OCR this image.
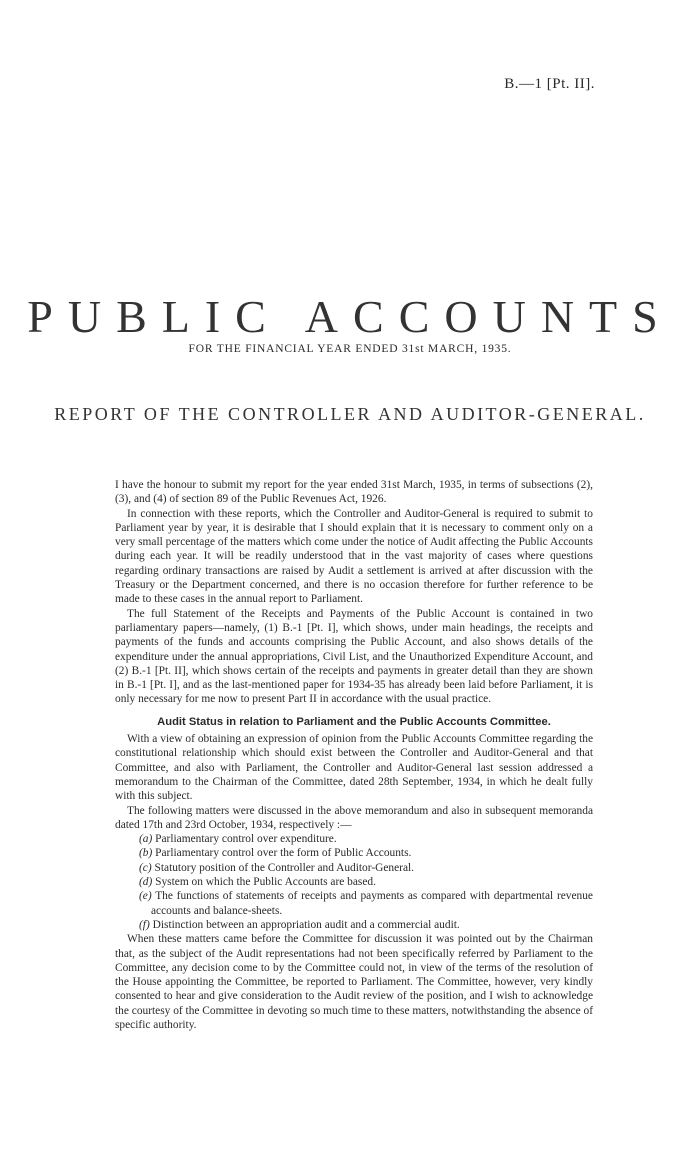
B.—1 [Pt. II].
PUBLIC ACCOUNTS
FOR THE FINANCIAL YEAR ENDED 31st MARCH, 1935.
REPORT OF THE CONTROLLER AND AUDITOR-GENERAL.

I have the honour to submit my report for the year ended 31st March, 1935, in terms of subsections (2), (3), and (4) of section 89 of the Public Revenues Act, 1926.

In connection with these reports, which the Controller and Auditor-General is required to submit to Parliament year by year, it is desirable that I should explain that it is necessary to comment only on a very small percentage of the matters which come under the notice of Audit affecting the Public Accounts during each year. It will be readily understood that in the vast majority of cases where questions regarding ordinary transactions are raised by Audit a settlement is arrived at after discussion with the Treasury or the Department concerned, and there is no occasion therefore for further reference to be made to these cases in the annual report to Parliament.

The full Statement of the Receipts and Payments of the Public Account is contained in two parliamentary papers—namely, (1) B.-1 [Pt. I], which shows, under main headings, the receipts and payments of the funds and accounts comprising the Public Account, and also shows details of the expenditure under the annual appropriations, Civil List, and the Unauthorized Expenditure Account, and (2) B.-1 [Pt. II], which shows certain of the receipts and payments in greater detail than they are shown in B.-1 [Pt. I], and as the last-mentioned paper for 1934-35 has already been laid before Parliament, it is only necessary for me now to present Part II in accordance with the usual practice.

Audit Status in relation to Parliament and the Public Accounts Committee.

With a view of obtaining an expression of opinion from the Public Accounts Committee regarding the constitutional relationship which should exist between the Controller and Auditor-General and that Committee, and also with Parliament, the Controller and Auditor-General last session addressed a memorandum to the Chairman of the Committee, dated 28th September, 1934, in which he dealt fully with this subject.

The following matters were discussed in the above memorandum and also in subsequent memoranda dated 17th and 23rd October, 1934, respectively :—

(a) Parliamentary control over expenditure.
(b) Parliamentary control over the form of Public Accounts.
(c) Statutory position of the Controller and Auditor-General.
(d) System on which the Public Accounts are based.
(e) The functions of statements of receipts and payments as compared with departmental revenue accounts and balance-sheets.
(f) Distinction between an appropriation audit and a commercial audit.

When these matters came before the Committee for discussion it was pointed out by the Chairman that, as the subject of the Audit representations had not been specifically referred by Parliament to the Committee, any decision come to by the Committee could not, in view of the terms of the resolution of the House appointing the Committee, be reported to Parliament. The Committee, however, very kindly consented to hear and give consideration to the Audit review of the position, and I wish to acknowledge the courtesy of the Committee in devoting so much time to these matters, notwithstanding the absence of specific authority.
